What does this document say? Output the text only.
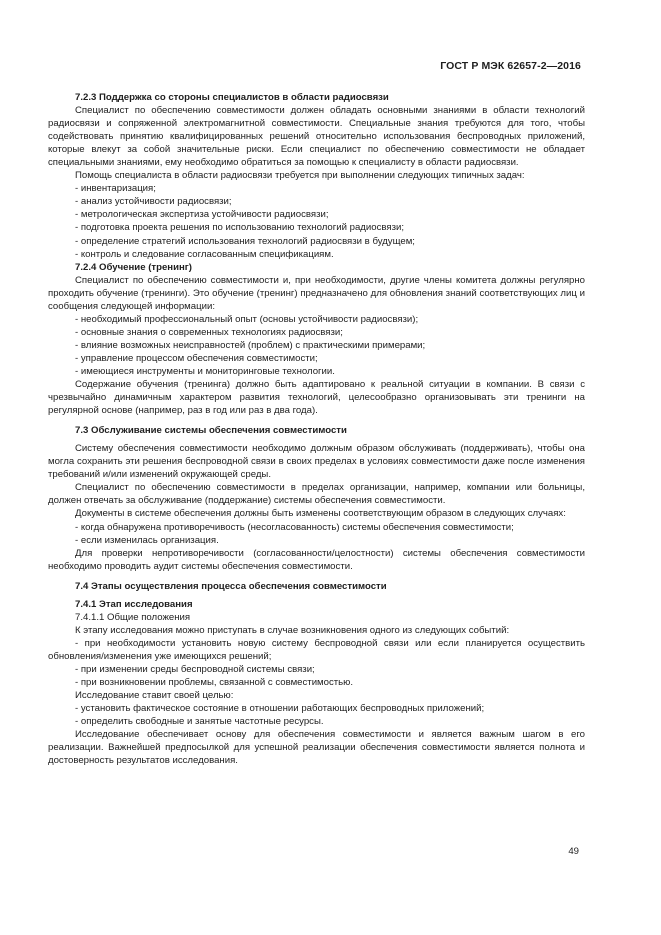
ГОСТ Р МЭК 62657-2—2016

7.2.3 Поддержка со стороны специалистов в области радиосвязи

Специалист по обеспечению совместимости должен обладать основными знаниями в области технологий радиосвязи и сопряженной электромагнитной совместимости. Специальные знания требуются для того, чтобы содействовать принятию квалифицированных решений относительно использования беспроводных приложений, которые влекут за собой значительные риски. Если специалист по обеспечению совместимости не обладает специальными знаниями, ему необходимо обратиться за помощью к специалисту в области радиосвязи.

Помощь специалиста в области радиосвязи требуется при выполнении следующих типичных задач:

- инвентаризация;

- анализ устойчивости радиосвязи;

- метрологическая экспертиза устойчивости радиосвязи;

- подготовка проекта решения по использованию технологий радиосвязи;

- определение стратегий использования технологий радиосвязи в будущем;

- контроль и следование согласованным спецификациям.

7.2.4 Обучение (тренинг)

Специалист по обеспечению совместимости и, при необходимости, другие члены комитета должны регулярно проходить обучение (тренинги). Это обучение (тренинг) предназначено для обновления знаний соответствующих лиц и сообщения следующей информации:

- необходимый профессиональный опыт (основы устойчивости радиосвязи);

- основные знания о современных технологиях радиосвязи;

- влияние возможных неисправностей (проблем) с практическими примерами;

- управление процессом обеспечения совместимости;

- имеющиеся инструменты и мониторинговые технологии.

Содержание обучения (тренинга) должно быть адаптировано к реальной ситуации в компании. В связи с чрезвычайно динамичным характером развития технологий, целесообразно организовывать эти тренинги на регулярной основе (например, раз в год или раз в два года).

7.3 Обслуживание системы обеспечения совместимости

Систему обеспечения совместимости необходимо должным образом обслуживать (поддерживать), чтобы она могла сохранить эти решения беспроводной связи в своих пределах в условиях совместимости даже после изменения требований и/или изменений окружающей среды.

Специалист по обеспечению совместимости в пределах организации, например, компании или больницы, должен отвечать за обслуживание (поддержание) системы обеспечения совместимости.

Документы в системе обеспечения должны быть изменены соответствующим образом в следующих случаях:

- когда обнаружена противоречивость (несогласованность) системы обеспечения совместимости;

- если изменилась организация.

Для проверки непротиворечивости (согласованности/целостности) системы обеспечения совместимости необходимо проводить аудит системы обеспечения совместимости.

7.4 Этапы осуществления процесса обеспечения совместимости

7.4.1 Этап исследования

7.4.1.1 Общие положения

К этапу исследования можно приступать в случае возникновения одного из следующих событий:

- при необходимости установить новую систему беспроводной связи или если планируется осуществить обновления/изменения уже имеющихся решений;

- при изменении среды беспроводной системы связи;

- при возникновении проблемы, связанной с совместимостью.

Исследование ставит своей целью:

- установить фактическое состояние в отношении работающих беспроводных приложений;

- определить свободные и занятые частотные ресурсы.

Исследование обеспечивает основу для обеспечения совместимости и является важным шагом в его реализации. Важнейшей предпосылкой для успешной реализации обеспечения совместимости является полнота и достоверность результатов исследования.

49
